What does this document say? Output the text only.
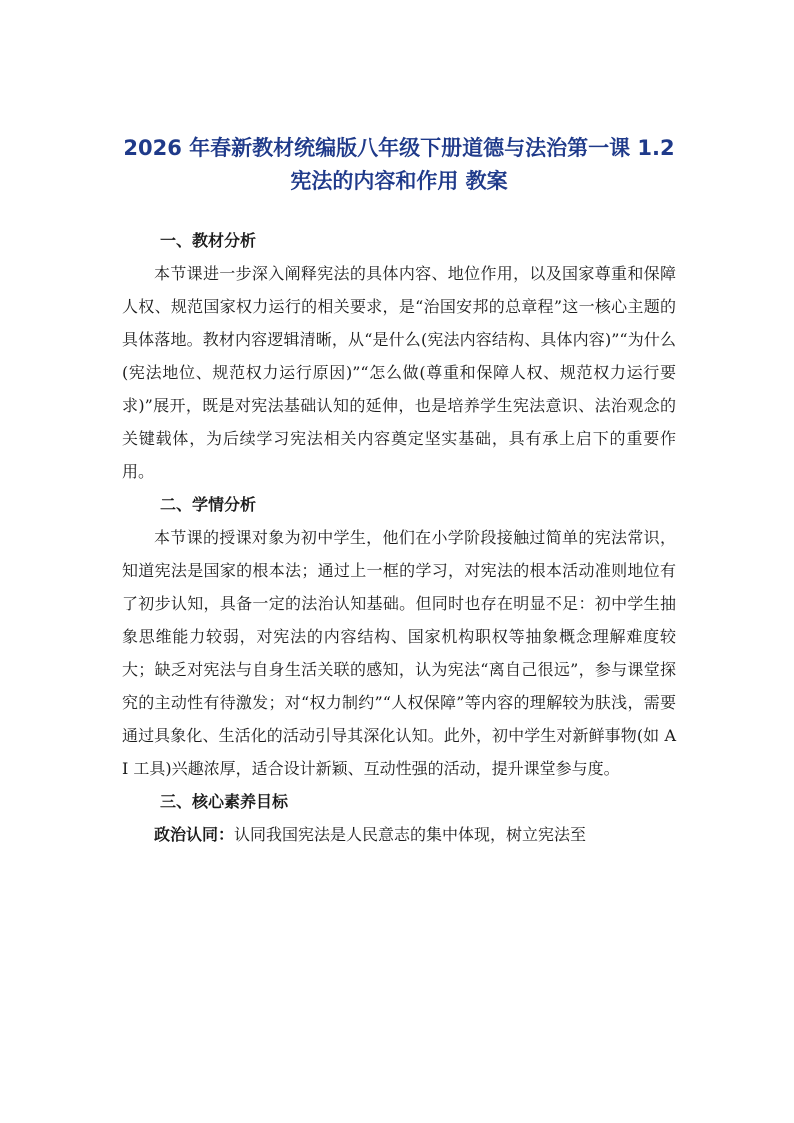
2026 年春新教材统编版八年级下册道德与法治第一课 1.2
宪法的内容和作用 教案
一、教材分析

本节课进一步深入阐释宪法的具体内容、地位作用，以及国家尊重和保障人权、规范国家权力运行的相关要求，是“治国安邦的总章程”这一核心主题的具体落地。教材内容逻辑清晰，从“是什么(宪法内容结构、具体内容)”“为什么 (宪法地位、规范权力运行原因)”“怎么做(尊重和保障人权、规范权力运行要求)”展开，既是对宪法基础认知的延伸，也是培养学生宪法意识、法治观念的关键载体，为后续学习宪法相关内容奠定坚实基础，具有承上启下的重要作用。

二、学情分析

本节课的授课对象为初中学生，他们在小学阶段接触过简单的宪法常识，知道宪法是国家的根本法；通过上一框的学习，对宪法的根本活动准则地位有了初步认知，具备一定的法治认知基础。但同时也存在明显不足：初中学生抽象思维能力较弱，对宪法的内容结构、国家机构职权等抽象概念理解难度较大；缺乏对宪法与自身生活关联的感知，认为宪法“离自己很远”，参与课堂探究的主动性有待激发；对“权力制约”“人权保障”等内容的理解较为肤浅，需要通过具象化、生活化的活动引导其深化认知。此外，初中学生对新鲜事物(如 AI 工具)兴趣浓厚，适合设计新颖、互动性强的活动，提升课堂参与度。

三、核心素养目标

政治认同：认同我国宪法是人民意志的集中体现，树立宪法至
